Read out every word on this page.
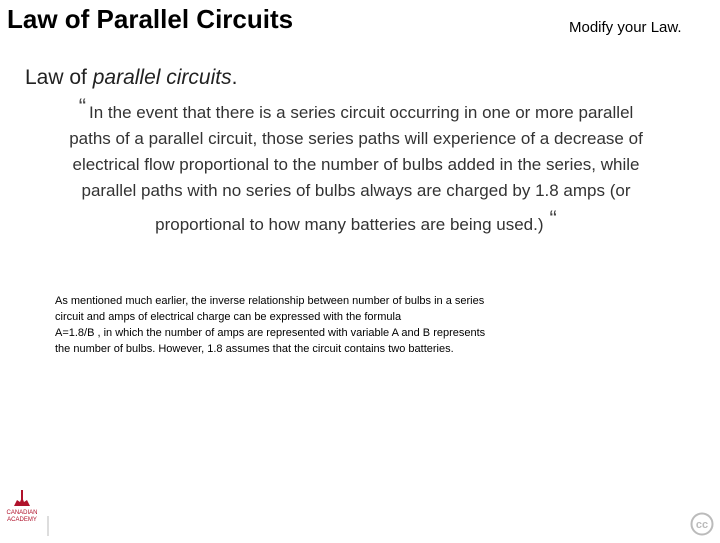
Law of Parallel Circuits	Modify your Law.
Law of parallel circuits.
“ In the event that there is a series circuit occurring in one or more parallel
paths of a parallel circuit, those series paths will experience of a decrease of
electrical flow proportional to the number of bulbs added in the series, while
parallel paths with no series of bulbs always are charged by 1.8 amps (or
proportional to how many batteries are being used.) “
As mentioned much earlier, the inverse relationship between number of bulbs in a series
circuit and amps of electrical charge can be expressed with the formula
A=1.8/B , in which the number of amps are represented with variable A and B represents
the number of bulbs. However, 1.8 assumes that the circuit contains two batteries.
CANADIAN
ACADEMY	cc
